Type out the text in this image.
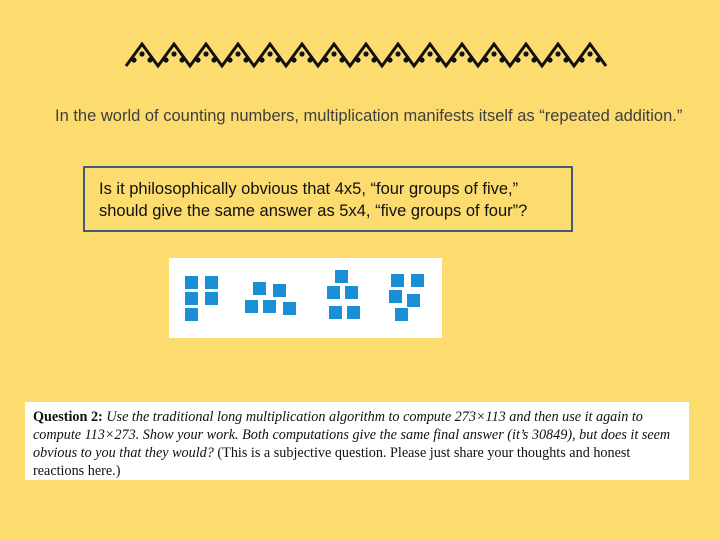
In the world of counting numbers, multiplication manifests itself as “repeated addition.”

Is it philosophically obvious that 4x5, “four groups of five,”
should give the same answer as 5x4, “five groups of four”?
Question 2: Use the traditional long multiplication algorithm to compute 273×113 and then use it again to compute 113×273. Show your work. Both computations give the same final answer (it’s 30849), but does it seem obvious to you that they would? (This is a subjective question. Please just share your thoughts and honest reactions here.)
